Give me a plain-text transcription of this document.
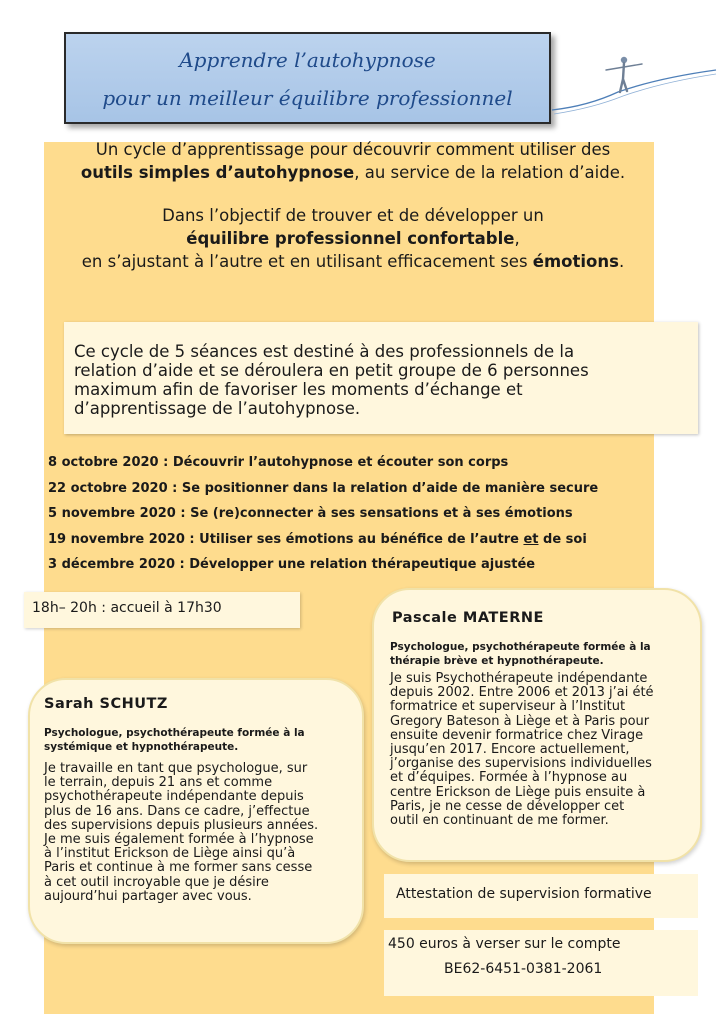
Apprendre l’autohypnose
pour un meilleur équilibre professionnel

Un cycle d’apprentissage pour découvrir comment utiliser des

outils simples d’autohypnose, au service de la relation d’aide.

Dans l’objectif de trouver et de développer un

équilibre professionnel confortable,

en s’ajustant à l’autre et en utilisant efficacement ses émotions.

Ce cycle de 5 séances est destiné à des professionnels de la
relation d’aide et se déroulera en petit groupe de 6 personnes
maximum afin de favoriser les moments d’échange et
d’apprentissage de l’autohypnose.
8 octobre 2020 : Découvrir l’autohypnose et écouter son corps
22 octobre 2020 : Se positionner dans la relation d’aide de manière secure
5 novembre 2020 : Se (re)connecter à ses sensations et à ses émotions
19 novembre 2020 : Utiliser ses émotions au bénéfice de l’autre et de soi
3 décembre 2020 : Développer une relation thérapeutique ajustée
18h– 20h : accueil à 17h30
Pascale MATERNE
Psychologue, psychothérapeute formée à la
thérapie brève et hypnothérapeute.

Je suis Psychothérapeute indépendante
depuis 2002. Entre 2006 et 2013 j’ai été
formatrice et superviseur à l’Institut
Gregory Bateson à Liège et à Paris pour
ensuite devenir formatrice chez Virage
jusqu’en 2017. Encore actuellement,
j’organise des supervisions individuelles
et d’équipes. Formée à l’hypnose au
centre Erickson de Liège puis ensuite à
Paris, je ne cesse de développer cet
outil en continuant de me former.

Sarah SCHUTZ
Psychologue, psychothérapeute formée à la
systémique et hypnothérapeute.

Je travaille en tant que psychologue, sur
le terrain, depuis 21 ans et comme
psychothérapeute indépendante depuis
plus de 16 ans. Dans ce cadre, j’effectue
des supervisions depuis plusieurs années.
Je me suis également formée à l’hypnose
à l’institut Erickson de Liège ainsi qu’à
Paris et continue à me former sans cesse
à cet outil incroyable que je désire
aujourd’hui partager avec vous.	Attestation de supervision formative
450 euros à verser sur le compte
BE62-6451-0381-2061
